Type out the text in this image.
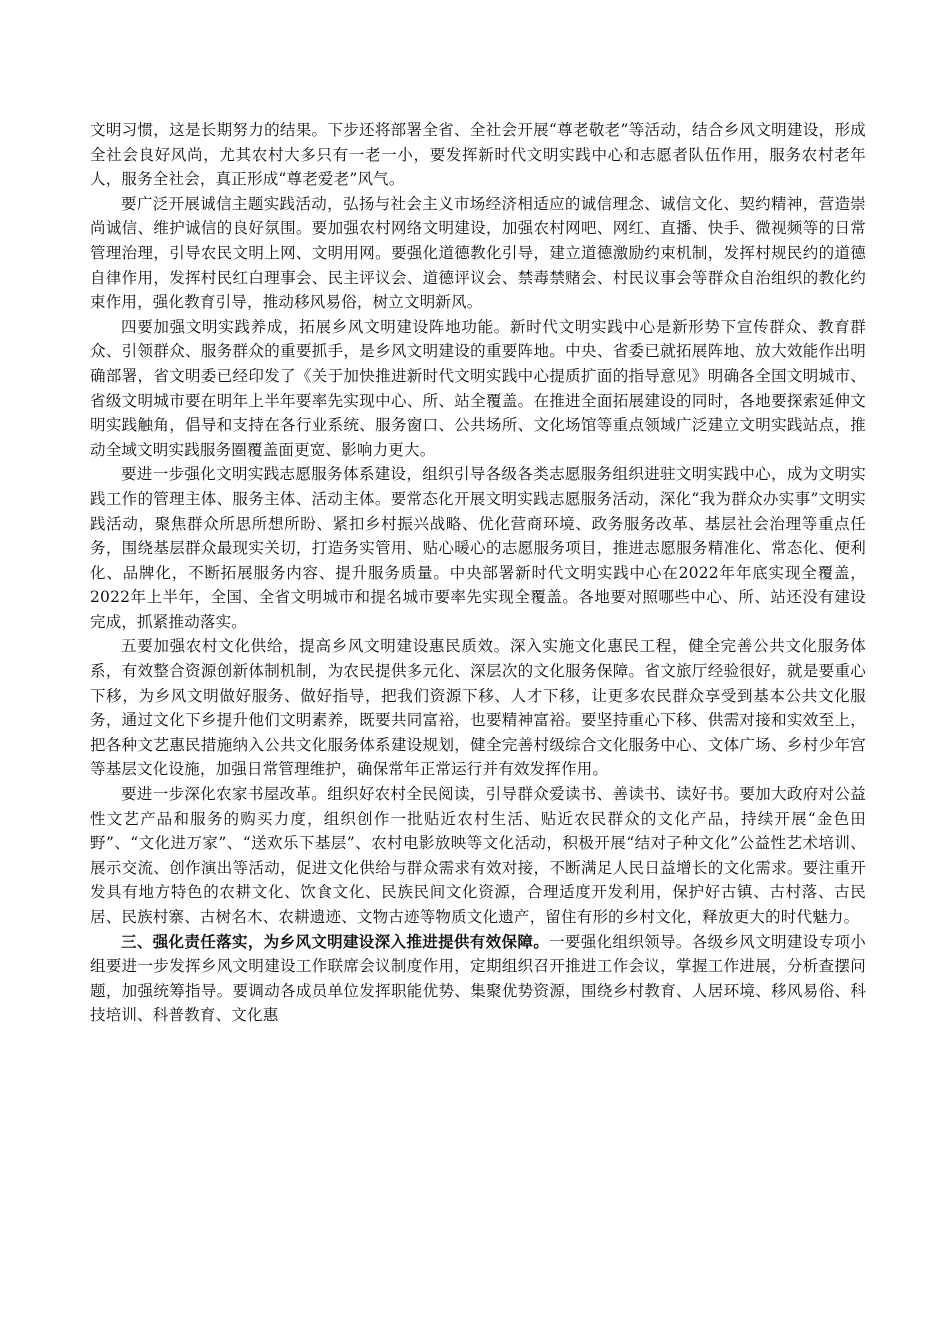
文明习惯，这是长期努力的结果。下步还将部署全省、全社会开展“尊老敬老”等活动，结合乡风文明建设，形成全社会良好风尚，尤其农村大多只有一老一小，要发挥新时代文明实践中心和志愿者队伍作用，服务农村老年人，服务全社会，真正形成“尊老爱老”风气。

要广泛开展诚信主题实践活动，弘扬与社会主义市场经济相适应的诚信理念、诚信文化、契约精神，营造崇尚诚信、维护诚信的良好氛围。要加强农村网络文明建设，加强农村网吧、网红、直播、快手、微视频等的日常管理治理，引导农民文明上网、文明用网。要强化道德教化引导，建立道德激励约束机制，发挥村规民约的道德自律作用，发挥村民红白理事会、民主评议会、道德评议会、禁毒禁赌会、村民议事会等群众自治组织的教化约束作用，强化教育引导，推动移风易俗，树立文明新风。

四要加强文明实践养成，拓展乡风文明建设阵地功能。新时代文明实践中心是新形势下宣传群众、教育群众、引领群众、服务群众的重要抓手，是乡风文明建设的重要阵地。中央、省委已就拓展阵地、放大效能作出明确部署，省文明委已经印发了《关于加快推进新时代文明实践中心提质扩面的指导意见》明确各全国文明城市、省级文明城市要在明年上半年要率先实现中心、所、站全覆盖。在推进全面拓展建设的同时，各地要探索延伸文明实践触角，倡导和支持在各行业系统、服务窗口、公共场所、文化场馆等重点领域广泛建立文明实践站点，推动全域文明实践服务圈覆盖面更宽、影响力更大。

要进一步强化文明实践志愿服务体系建设，组织引导各级各类志愿服务组织进驻文明实践中心，成为文明实践工作的管理主体、服务主体、活动主体。要常态化开展文明实践志愿服务活动，深化“我为群众办实事”文明实践活动，聚焦群众所思所想所盼、紧扣乡村振兴战略、优化营商环境、政务服务改革、基层社会治理等重点任务，围绕基层群众最现实关切，打造务实管用、贴心暖心的志愿服务项目，推进志愿服务精准化、常态化、便利化、品牌化，不断拓展服务内容、提升服务质量。中央部署新时代文明实践中心在2022年年底实现全覆盖，2022年上半年，全国、全省文明城市和提名城市要率先实现全覆盖。各地要对照哪些中心、所、站还没有建设完成，抓紧推动落实。

五要加强农村文化供给，提高乡风文明建设惠民质效。深入实施文化惠民工程，健全完善公共文化服务体系，有效整合资源创新体制机制，为农民提供多元化、深层次的文化服务保障。省文旅厅经验很好，就是要重心下移，为乡风文明做好服务、做好指导，把我们资源下移、人才下移，让更多农民群众享受到基本公共文化服务，通过文化下乡提升他们文明素养，既要共同富裕，也要精神富裕。要坚持重心下移、供需对接和实效至上，把各种文艺惠民措施纳入公共文化服务体系建设规划，健全完善村级综合文化服务中心、文体广场、乡村少年宫等基层文化设施，加强日常管理维护，确保常年正常运行并有效发挥作用。

要进一步深化农家书屋改革。组织好农村全民阅读，引导群众爱读书、善读书、读好书。要加大政府对公益性文艺产品和服务的购买力度，组织创作一批贴近农村生活、贴近农民群众的文化产品，持续开展“金色田野”、“文化进万家”、“送欢乐下基层”、农村电影放映等文化活动，积极开展“结对子种文化”公益性艺术培训、展示交流、创作演出等活动，促进文化供给与群众需求有效对接，不断满足人民日益增长的文化需求。要注重开发具有地方特色的农耕文化、饮食文化、民族民间文化资源，合理适度开发利用，保护好古镇、古村落、古民居、民族村寨、古树名木、农耕遗迹、文物古迹等物质文化遗产，留住有形的乡村文化，释放更大的时代魅力。

三、强化责任落实，为乡风文明建设深入推进提供有效保障。一要强化组织领导。各级乡风文明建设专项小组要进一步发挥乡风文明建设工作联席会议制度作用，定期组织召开推进工作会议，掌握工作进展，分析查摆问题，加强统筹指导。要调动各成员单位发挥职能优势、集聚优势资源，围绕乡村教育、人居环境、移风易俗、科技培训、科普教育、文化惠
